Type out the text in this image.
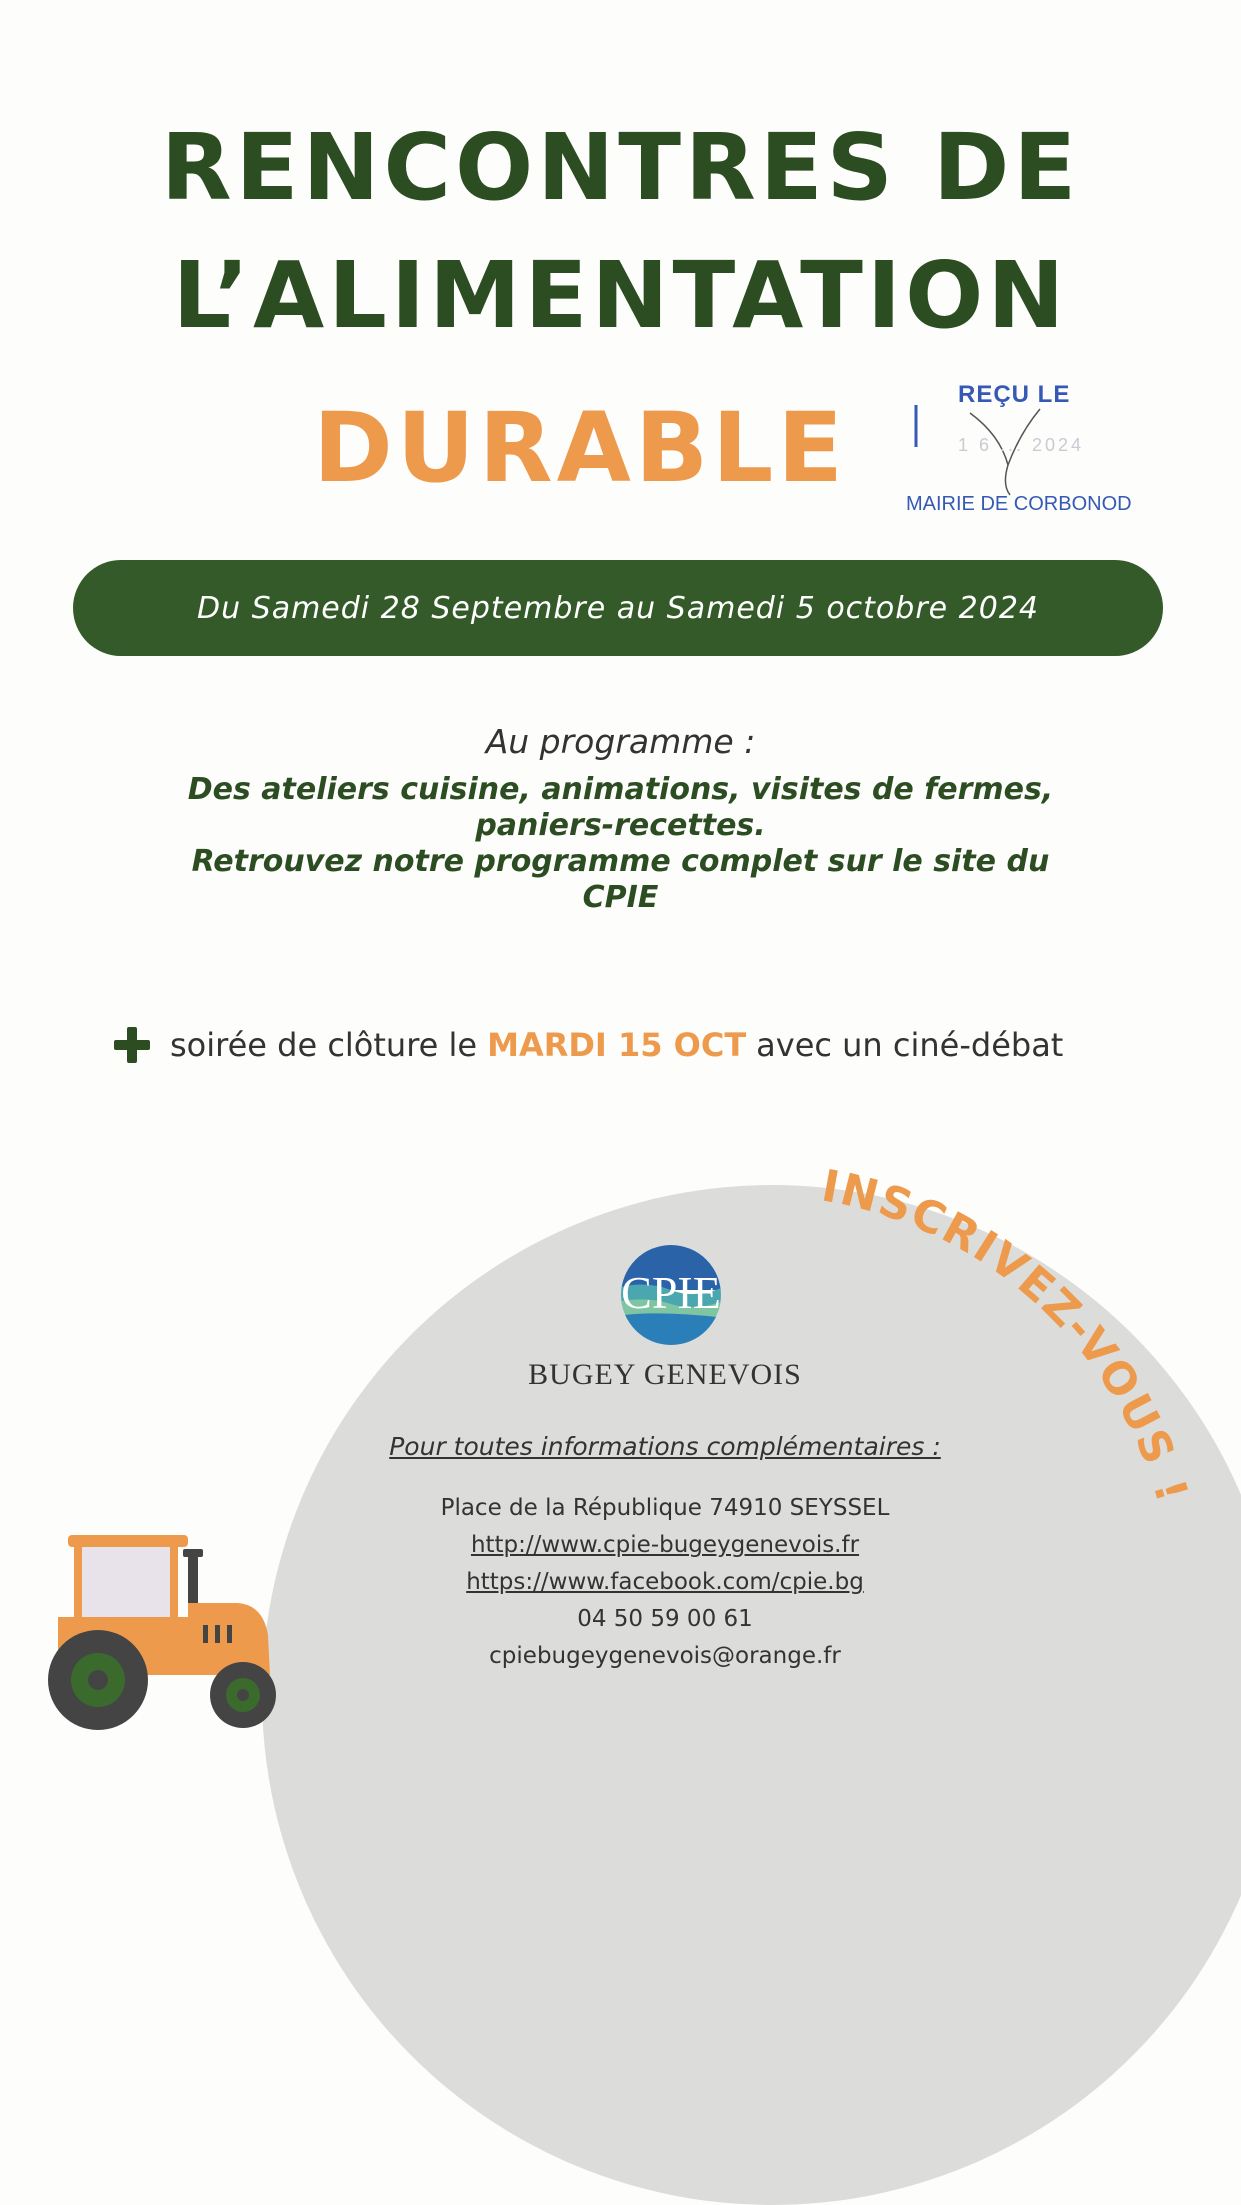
RENCONTRES DE
L’ALIMENTATION
DURABLE	REÇU LE
1 6 ... 2024
MAIRIE DE CORBONOD
Du Samedi 28 Septembre au Samedi 5 octobre 2024
Au programme :
Des ateliers cuisine, animations, visites de fermes,
paniers-recettes.
Retrouvez notre programme complet sur le site du
CPIE
soirée de clôture le MARDI 15 OCT avec un ciné-débat
INSCRIVEZ-VOUS !
CPIE
BUGEY GENEVOIS
Pour toutes informations complémentaires :
Place de la République 74910 SEYSSEL
http://www.cpie-bugeygenevois.fr
https://www.facebook.com/cpie.bg
04 50 59 00 61
cpiebugeygenevois@orange.fr
